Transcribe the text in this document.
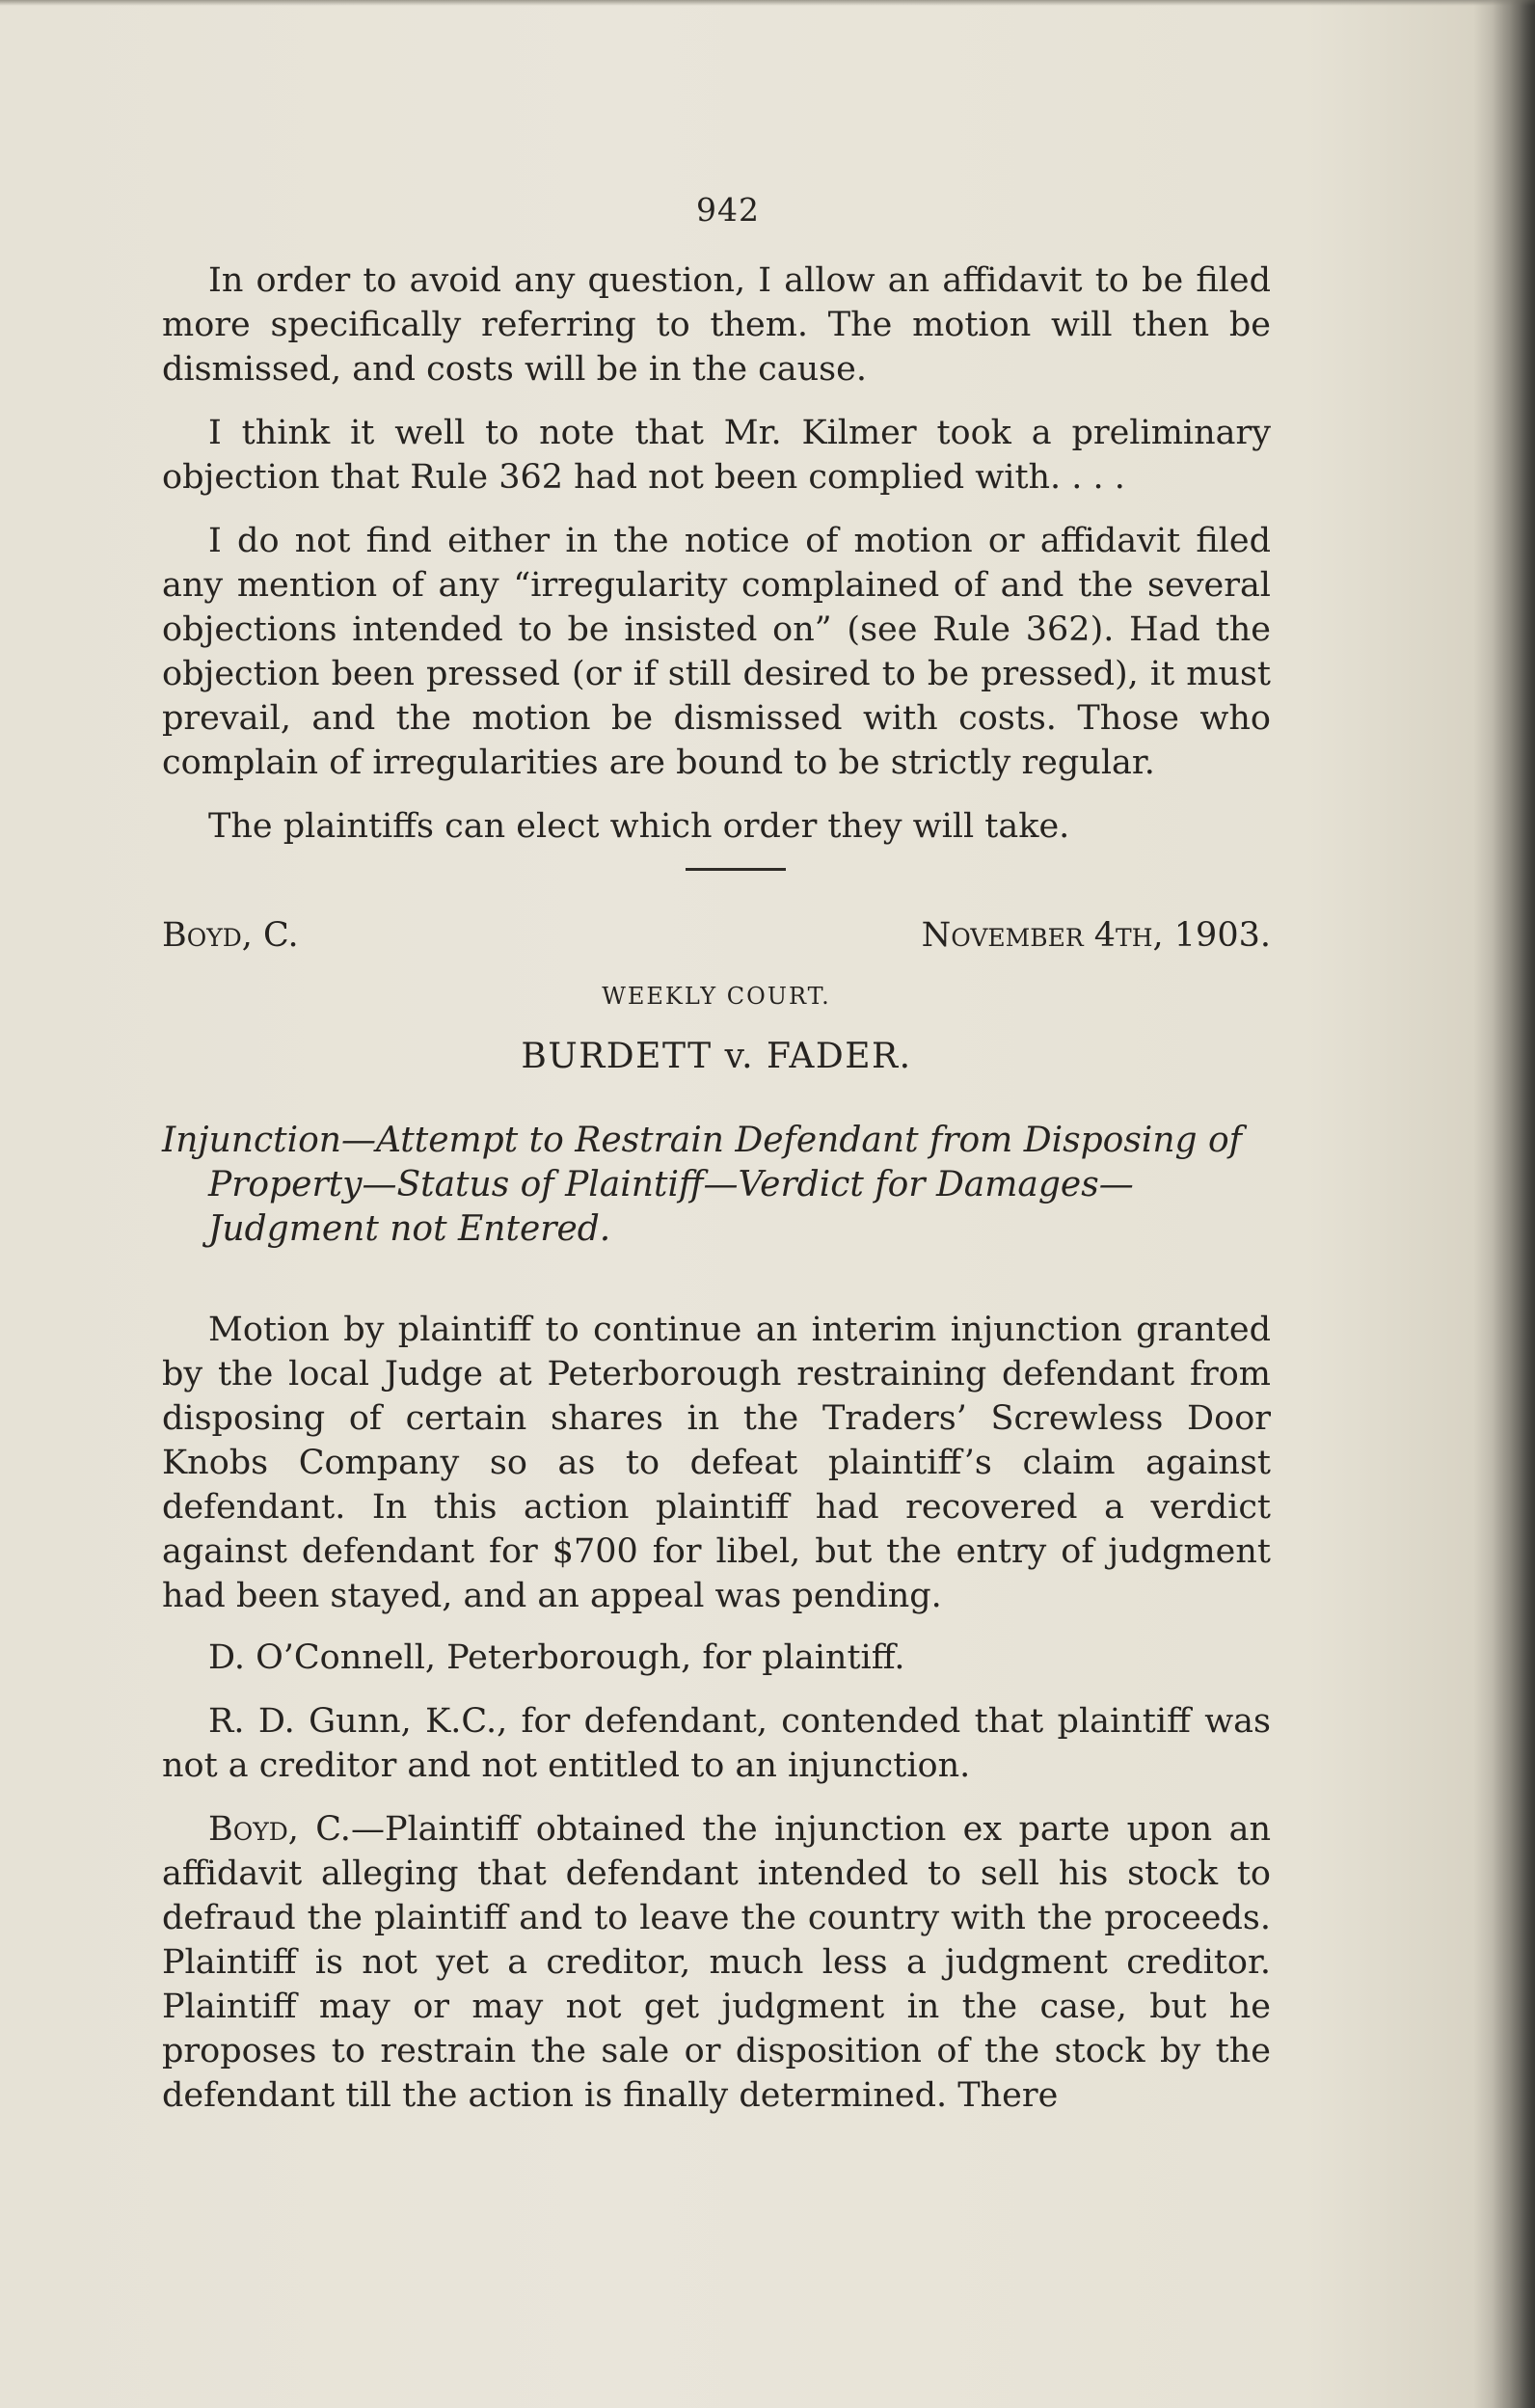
942

In order to avoid any question, I allow an affidavit to be filed more specifically referring to them. The motion will then be dismissed, and costs will be in the cause.

I think it well to note that Mr. Kilmer took a preliminary objection that Rule 362 had not been complied with. . . .

I do not find either in the notice of motion or affidavit filed any mention of any “irregularity complained of and the several objections intended to be insisted on” (see Rule 362). Had the objection been pressed (or if still desired to be pressed), it must prevail, and the motion be dismissed with costs. Those who complain of irregularities are bound to be strictly regular.

The plaintiffs can elect which order they will take.

Boyd, C.	November 4th, 1903.
WEEKLY COURT.
BURDETT v. FADER.
Injunction—Attempt to Restrain Defendant from Disposing of Property—Status of Plaintiff—Verdict for Damages—Judgment not Entered.

Motion by plaintiff to continue an interim injunction granted by the local Judge at Peterborough restraining defendant from disposing of certain shares in the Traders’ Screwless Door Knobs Company so as to defeat plaintiff’s claim against defendant. In this action plaintiff had recovered a verdict against defendant for $700 for libel, but the entry of judgment had been stayed, and an appeal was pending.

D. O’Connell, Peterborough, for plaintiff.

R. D. Gunn, K.C., for defendant, contended that plaintiff was not a creditor and not entitled to an injunction.

Boyd, C.—Plaintiff obtained the injunction ex parte upon an affidavit alleging that defendant intended to sell his stock to defraud the plaintiff and to leave the country with the proceeds. Plaintiff is not yet a creditor, much less a judgment creditor. Plaintiff may or may not get judgment in the case, but he proposes to restrain the sale or disposition of the stock by the defendant till the action is finally determined. There
